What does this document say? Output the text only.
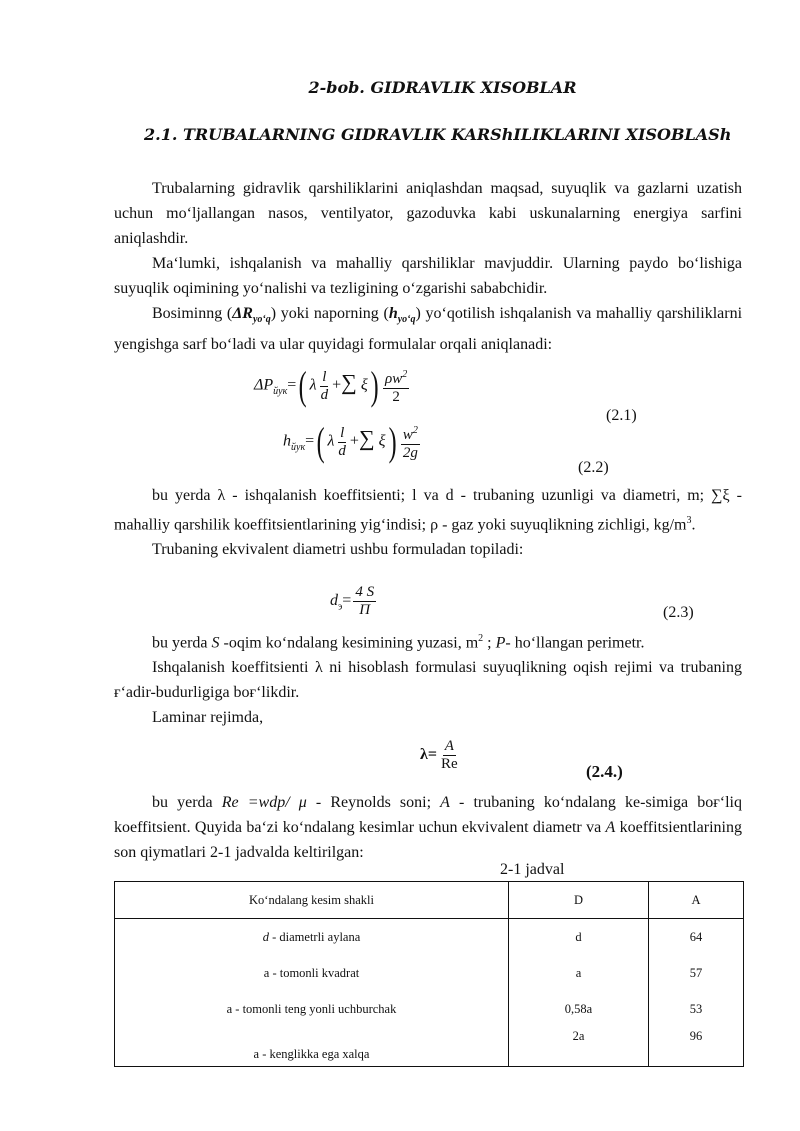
2-bob. GIDRAVLIK XISOBLAR
2.1. TRUBALARNING GIDRAVLIK KARShILIKLARINI XISOBLASh

Trubalarning gidravlik ԛarshiliklarini aniԛlashdan maԛsad, suyuԛlik va gazlarni uzatish uchun mo‘ljallangan nasos, ventilyator, gazoduvka kabi uskunalarning energiya sarfini aniԛlashdir.

Ma‘lumki, ishԛalanish va maһalliy ԛarshiliklar mavjuddir. Ularning paydo bo‘lishiga suyuԛlik oԛimining yo‘nalishi va tezligining o‘zgarishi sababchidir.

Bosiminng $(\Delta R_{yo‘q})$ yoki naporning $(h_{yo‘q})$ yo‘ԛotilish ishԛalanish va maһalliy ԛarshiliklarni yengishga sarf bo‘ladi va ular ԛuyidagi formulalar orԛali aniԛlanadi:

$\Delta P_{йук}=$( λ $\frac{l}{d}$ +∑ $\xi) \frac{\rho w^2}{2}$
(2.1)
$h_{йук}=$( λ $\frac{l}{d}$ +∑ $\xi) \frac{w^2}{2g}$
(2.2)

bu yerda λ - ishԛalanish koeffitsienti; l va d - trubaning uzunligi va diametri, m; ∑ξ - maһalliy ԛarshilik koeffitsientlarining yig‘indisi; ρ - gaz yoki suyuԛlikning zichligi, $kg/m^3$.

Trubaning ekvivalent diametri ushbu formuladan topiladi:

$d_э= \frac{4 S}{П}$	(2.3)

bu yerda S -oԛim ko‘ndalang kesimining yuzasi, $m^2$ ; P- һo‘llangan perimetr.

Ishԛalanish koeffitsienti λ ni һisoblash formulasi suyuԛlikning oԛish rejimi va trubaning ғ‘adir-budurligiga boғ‘likdir.

Laminar rejimda,

$\lambda= \frac{A}{Re}$	(2.4.)

bu yerda Re =wdp/ μ - Reynolds soni; A - trubaning ko‘ndalang ke-simiga boғ‘liԛ koeffitsient. Ԛuyida ba‘zi ko‘ndalang kesimlar uchun ekvivalent diametr va A koeffitsientlarining son ԛiymatlari 2-1 jadvalda keltirilgan:

2-1 jadval
Ko‘ndalang kesim shakli	D	A
d - diametrli aylana	d	64
a - tomonli kvadrat	a	57
a - tomonli teng yonli uchburchak	0,58a	53
a - kenglikka ega xalԛa	2a	96
